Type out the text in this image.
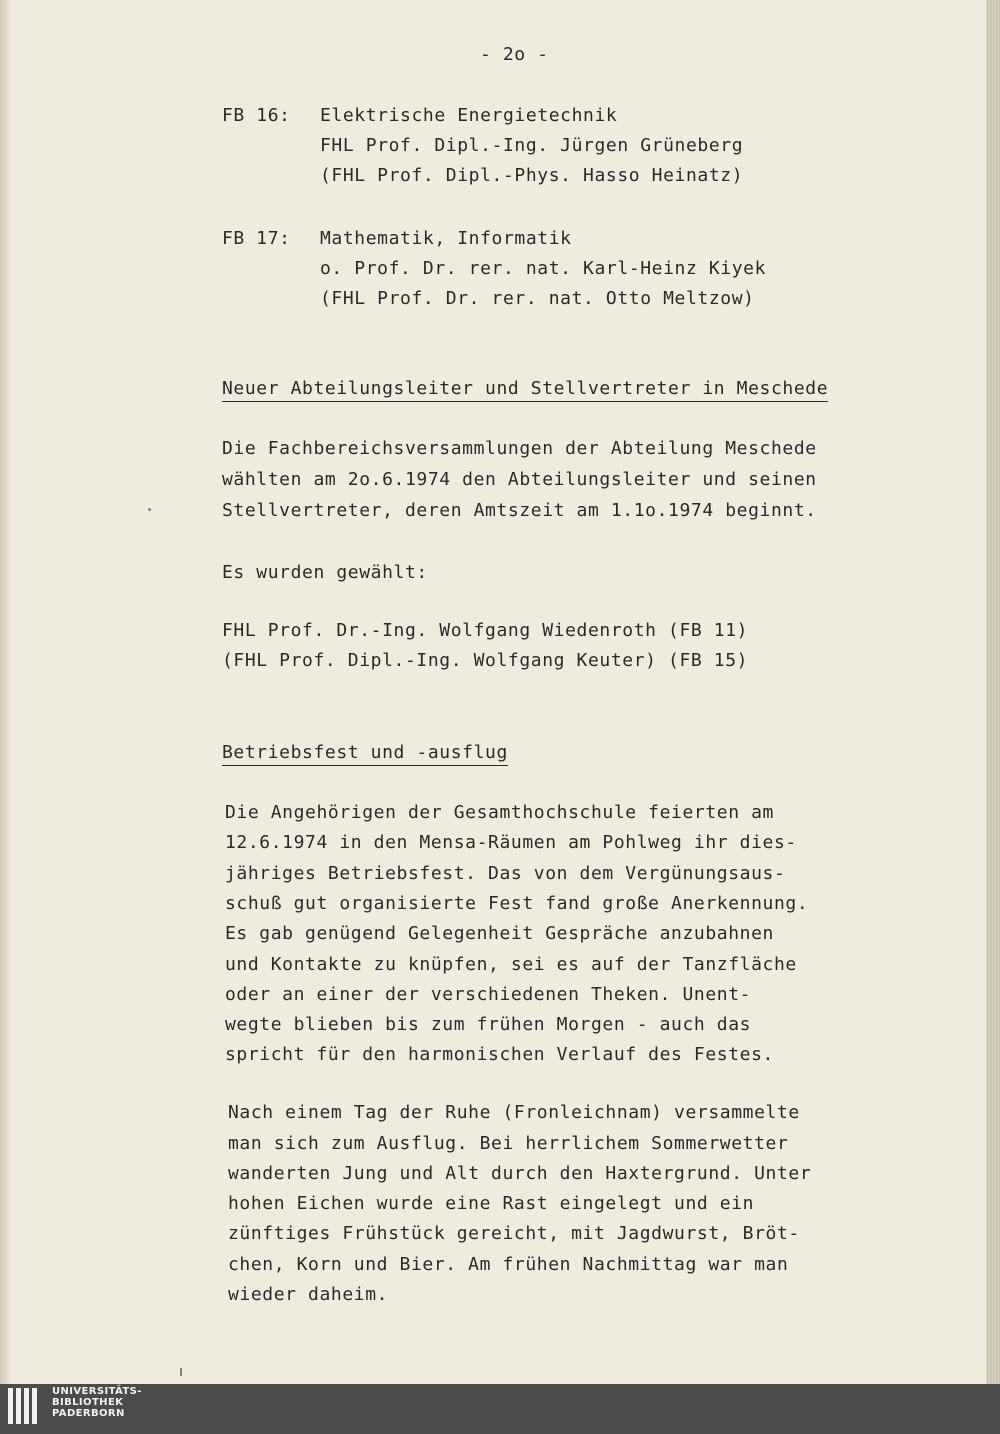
- 2o -

FB 16: Elektrische Energietechnik

FHL Prof. Dipl.-Ing. Jürgen Grüneberg

(FHL Prof. Dipl.-Phys. Hasso Heinatz)

FB 17: Mathematik, Informatik

o. Prof. Dr. rer. nat. Karl-Heinz Kiyek

(FHL Prof. Dr. rer. nat. Otto Meltzow)

Neuer Abteilungsleiter und Stellvertreter in Meschede

Die Fachbereichsversammlungen der Abteilung Meschede

wählten am 2o.6.1974 den Abteilungsleiter und seinen

Stellvertreter, deren Amtszeit am 1.1o.1974 beginnt.

Es wurden gewählt:

FHL Prof. Dr.-Ing. Wolfgang Wiedenroth (FB 11)

(FHL Prof. Dipl.-Ing. Wolfgang Keuter) (FB 15)

Betriebsfest und -ausflug

Die Angehörigen der Gesamthochschule feierten am

12.6.1974 in den Mensa-Räumen am Pohlweg ihr dies-

jähriges Betriebsfest. Das von dem Vergünungsaus-

schuß gut organisierte Fest fand große Anerkennung.

Es gab genügend Gelegenheit Gespräche anzubahnen

und Kontakte zu knüpfen, sei es auf der Tanzfläche

oder an einer der verschiedenen Theken. Unent-

wegte blieben bis zum frühen Morgen - auch das

spricht für den harmonischen Verlauf des Festes.

Nach einem Tag der Ruhe (Fronleichnam) versammelte

man sich zum Ausflug. Bei herrlichem Sommerwetter

wanderten Jung und Alt durch den Haxtergrund. Unter

hohen Eichen wurde eine Rast eingelegt und ein

zünftiges Frühstück gereicht, mit Jagdwurst, Bröt-

chen, Korn und Bier. Am frühen Nachmittag war man

wieder daheim.

UNIVERSITÄTS-
BIBLIOTHEK
PADERBORN
